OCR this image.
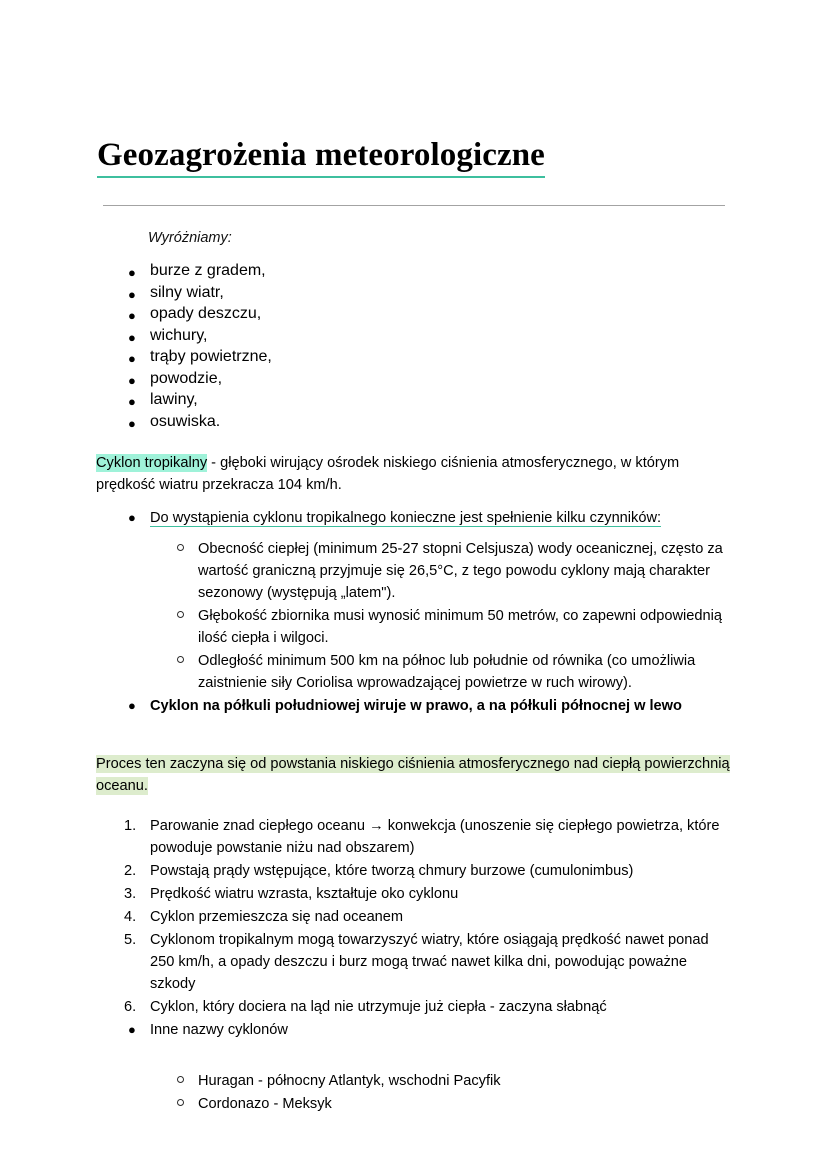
Geozagrożenia meteorologiczne

Wyróżniamy:

● burze z gradem,
● silny wiatr,
● opady deszczu,
● wichury,
● trąby powietrzne,
● powodzie,
● lawiny,
● osuwiska.

Cyklon tropikalny - głęboki wirujący ośrodek niskiego ciśnienia atmosferycznego, w którym prędkość wiatru przekracza 104 km/h.

● Do wystąpienia cyklonu tropikalnego konieczne jest spełnienie kilku czynników:
Obecność ciepłej (minimum 25-27 stopni Celsjusza) wody oceanicznej, często za wartość graniczną przyjmuje się 26,5°C, z tego powodu cyklony mają charakter sezonowy (występują „latem").
Głębokość zbiornika musi wynosić minimum 50 metrów, co zapewni odpowiednią ilość ciepła i wilgoci.
Odległość minimum 500 km na północ lub południe od równika (co umożliwia zaistnienie siły Coriolisa wprowadzającej powietrze w ruch wirowy).
● Cyklon na półkuli południowej wiruje w prawo, a na półkuli północnej w lewo

Proces ten zaczyna się od powstania niskiego ciśnienia atmosferycznego nad ciepłą powierzchnią oceanu.

1. Parowanie znad ciepłego oceanu → konwekcja (unoszenie się ciepłego powietrza, które powoduje powstanie niżu nad obszarem)
2. Powstają prądy wstępujące, które tworzą chmury burzowe (cumulonimbus)
3. Prędkość wiatru wzrasta, kształtuje oko cyklonu
4. Cyklon przemieszcza się nad oceanem
5. Cyklonom tropikalnym mogą towarzyszyć wiatry, które osiągają prędkość nawet ponad 250 km/h, a opady deszczu i burz mogą trwać nawet kilka dni, powodując poważne szkody
6. Cyklon, który dociera na ląd nie utrzymuje już ciepła - zaczyna słabnąć
● Inne nazwy cyklonów
Huragan - północny Atlantyk, wschodni Pacyfik
Cordonazo - Meksyk
